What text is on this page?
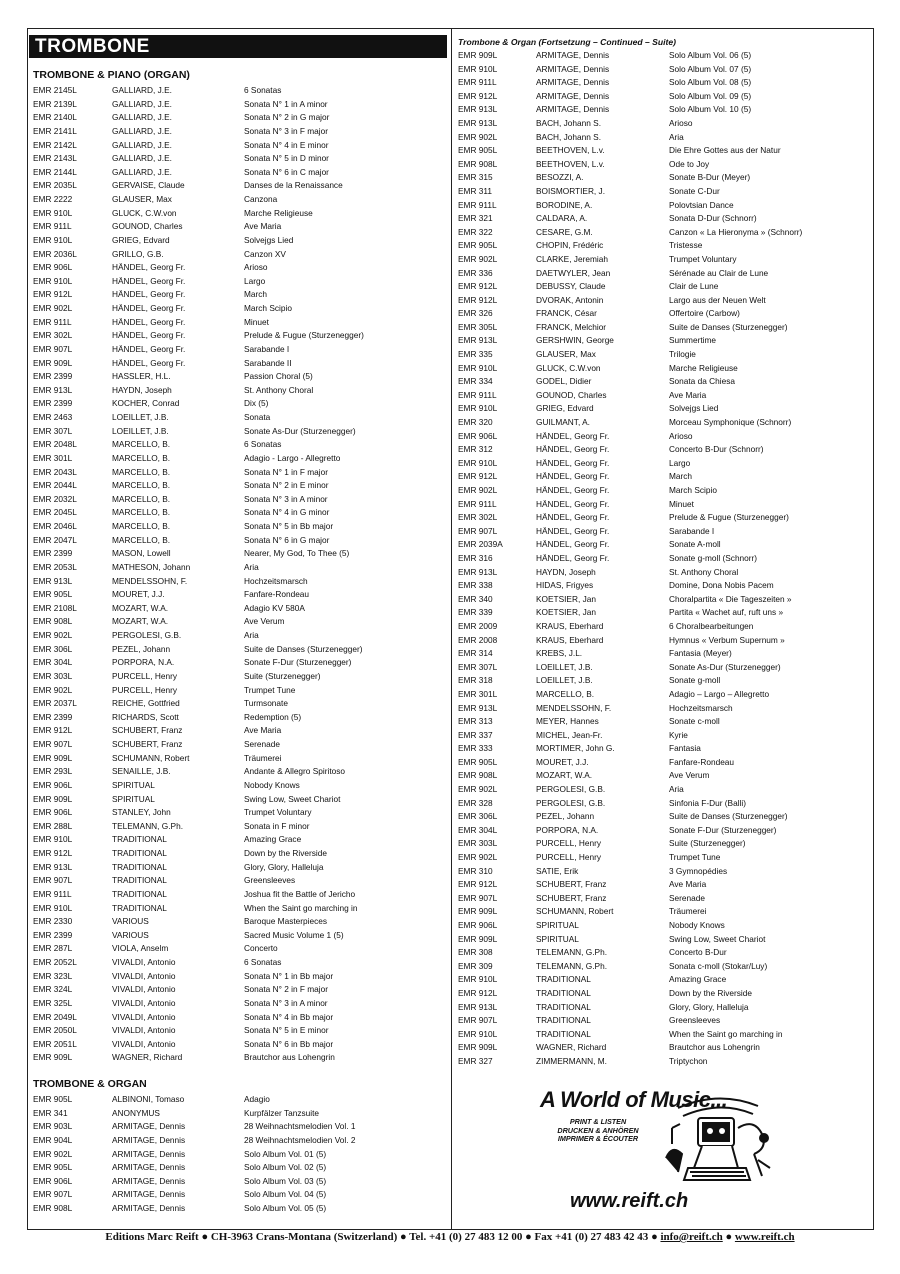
TROMBONE
TROMBONE & PIANO (ORGAN)
EMR 2145L	GALLIARD, J.E.	6 Sonatas
EMR 2139L	GALLIARD, J.E.	Sonata N° 1 in A minor
EMR 2140L	GALLIARD, J.E.	Sonata N° 2 in G major
EMR 2141L	GALLIARD, J.E.	Sonata N° 3 in F major
EMR 2142L	GALLIARD, J.E.	Sonata N° 4 in E minor
EMR 2143L	GALLIARD, J.E.	Sonata N° 5 in D minor
EMR 2144L	GALLIARD, J.E.	Sonata N° 6 in C major
EMR 2035L	GERVAISE, Claude	Danses de la Renaissance
EMR 2222	GLAUSER, Max	Canzona
EMR 910L	GLUCK, C.W.von	Marche Religieuse
EMR 911L	GOUNOD, Charles	Ave Maria
EMR 910L	GRIEG, Edvard	Solvejgs Lied
EMR 2036L	GRILLO, G.B.	Canzon XV
EMR 906L	HÄNDEL, Georg Fr.	Arioso
EMR 910L	HÄNDEL, Georg Fr.	Largo
EMR 912L	HÄNDEL, Georg Fr.	March
EMR 902L	HÄNDEL, Georg Fr.	March Scipio
EMR 911L	HÄNDEL, Georg Fr.	Minuet
EMR 302L	HÄNDEL, Georg Fr.	Prelude & Fugue (Sturzenegger)
EMR 907L	HÄNDEL, Georg Fr.	Sarabande I
EMR 909L	HÄNDEL, Georg Fr.	Sarabande II
EMR 2399	HASSLER, H.L.	Passion Choral (5)
EMR 913L	HAYDN, Joseph	St. Anthony Choral
EMR 2399	KOCHER, Conrad	Dix (5)
EMR 2463	LOEILLET, J.B.	Sonata
EMR 307L	LOEILLET, J.B.	Sonate As-Dur (Sturzenegger)
EMR 2048L	MARCELLO, B.	6 Sonatas
EMR 301L	MARCELLO, B.	Adagio - Largo - Allegretto
EMR 2043L	MARCELLO, B.	Sonata N° 1 in F major
EMR 2044L	MARCELLO, B.	Sonata N° 2 in E minor
EMR 2032L	MARCELLO, B.	Sonata N° 3 in A minor
EMR 2045L	MARCELLO, B.	Sonata N° 4 in G minor
EMR 2046L	MARCELLO, B.	Sonata N° 5 in Bb major
EMR 2047L	MARCELLO, B.	Sonata N° 6 in G major
EMR 2399	MASON, Lowell	Nearer, My God, To Thee (5)
EMR 2053L	MATHESON, Johann	Aria
EMR 913L	MENDELSSOHN, F.	Hochzeitsmarsch
EMR 905L	MOURET, J.J.	Fanfare-Rondeau
EMR 2108L	MOZART, W.A.	Adagio KV 580A
EMR 908L	MOZART, W.A.	Ave Verum
EMR 902L	PERGOLESI, G.B.	Aria
EMR 306L	PEZEL, Johann	Suite de Danses (Sturzenegger)
EMR 304L	PORPORA, N.A.	Sonate F-Dur (Sturzenegger)
EMR 303L	PURCELL, Henry	Suite (Sturzenegger)
EMR 902L	PURCELL, Henry	Trumpet Tune
EMR 2037L	REICHE, Gottfried	Turmsonate
EMR 2399	RICHARDS, Scott	Redemption (5)
EMR 912L	SCHUBERT, Franz	Ave Maria
EMR 907L	SCHUBERT, Franz	Serenade
EMR 909L	SCHUMANN, Robert	Träumerei
EMR 293L	SENAILLE, J.B.	Andante & Allegro Spiritoso
EMR 906L	SPIRITUAL	Nobody Knows
EMR 909L	SPIRITUAL	Swing Low, Sweet Chariot
EMR 906L	STANLEY, John	Trumpet Voluntary
EMR 288L	TELEMANN, G.Ph.	Sonata in F minor
EMR 910L	TRADITIONAL	Amazing Grace
EMR 912L	TRADITIONAL	Down by the Riverside
EMR 913L	TRADITIONAL	Glory, Glory, Halleluja
EMR 907L	TRADITIONAL	Greensleeves
EMR 911L	TRADITIONAL	Joshua fit the Battle of Jericho
EMR 910L	TRADITIONAL	When the Saint go marching in
EMR 2330	VARIOUS	Baroque Masterpieces
EMR 2399	VARIOUS	Sacred Music Volume 1 (5)
EMR 287L	VIOLA, Anselm	Concerto
EMR 2052L	VIVALDI, Antonio	6 Sonatas
EMR 323L	VIVALDI, Antonio	Sonata N° 1 in Bb major
EMR 324L	VIVALDI, Antonio	Sonata N° 2 in F major
EMR 325L	VIVALDI, Antonio	Sonata N° 3 in A minor
EMR 2049L	VIVALDI, Antonio	Sonata N° 4 in Bb major
EMR 2050L	VIVALDI, Antonio	Sonata N° 5 in E minor
EMR 2051L	VIVALDI, Antonio	Sonata N° 6 in Bb major
EMR 909L	WAGNER, Richard	Brautchor aus Lohengrin
TROMBONE & ORGAN
EMR 905L	ALBINONI, Tomaso	Adagio
EMR 341	ANONYMUS	Kurpfälzer Tanzsuite
EMR 903L	ARMITAGE, Dennis	28 Weihnachtsmelodien Vol. 1
EMR 904L	ARMITAGE, Dennis	28 Weihnachtsmelodien Vol. 2
EMR 902L	ARMITAGE, Dennis	Solo Album Vol. 01 (5)
EMR 905L	ARMITAGE, Dennis	Solo Album Vol. 02 (5)
EMR 906L	ARMITAGE, Dennis	Solo Album Vol. 03 (5)
EMR 907L	ARMITAGE, Dennis	Solo Album Vol. 04 (5)
EMR 908L	ARMITAGE, Dennis	Solo Album Vol. 05 (5)
Trombone & Organ (Fortsetzung – Continued – Suite)
EMR 909L	ARMITAGE, Dennis	Solo Album Vol. 06 (5)
EMR 910L	ARMITAGE, Dennis	Solo Album Vol. 07 (5)
EMR 911L	ARMITAGE, Dennis	Solo Album Vol. 08 (5)
EMR 912L	ARMITAGE, Dennis	Solo Album Vol. 09 (5)
EMR 913L	ARMITAGE, Dennis	Solo Album Vol. 10 (5)
EMR 913L	BACH, Johann S.	Arioso
EMR 902L	BACH, Johann S.	Aria
EMR 905L	BEETHOVEN, L.v.	Die Ehre Gottes aus der Natur
EMR 908L	BEETHOVEN, L.v.	Ode to Joy
EMR 315	BESOZZI, A.	Sonate B-Dur (Meyer)
EMR 311	BOISMORTIER, J.	Sonate C-Dur
EMR 911L	BORODINE, A.	Polovtsian Dance
EMR 321	CALDARA, A.	Sonata D-Dur (Schnorr)
EMR 322	CESARE, G.M.	Canzon « La Hieronyma » (Schnorr)
EMR 905L	CHOPIN, Frédéric	Tristesse
EMR 902L	CLARKE, Jeremiah	Trumpet Voluntary
EMR 336	DAETWYLER, Jean	Sérénade au Clair de Lune
EMR 912L	DEBUSSY, Claude	Clair de Lune
EMR 912L	DVORAK, Antonin	Largo aus der Neuen Welt
EMR 326	FRANCK, César	Offertoire (Carbow)
EMR 305L	FRANCK, Melchior	Suite de Danses (Sturzenegger)
EMR 913L	GERSHWIN, George	Summertime
EMR 335	GLAUSER, Max	Trilogie
EMR 910L	GLUCK, C.W.von	Marche Religieuse
EMR 334	GODEL, Didier	Sonata da Chiesa
EMR 911L	GOUNOD, Charles	Ave Maria
EMR 910L	GRIEG, Edvard	Solvejgs Lied
EMR 320	GUILMANT, A.	Morceau Symphonique (Schnorr)
EMR 906L	HÄNDEL, Georg Fr.	Arioso
EMR 312	HÄNDEL, Georg Fr.	Concerto B-Dur (Schnorr)
EMR 910L	HÄNDEL, Georg Fr.	Largo
EMR 912L	HÄNDEL, Georg Fr.	March
EMR 902L	HÄNDEL, Georg Fr.	March Scipio
EMR 911L	HÄNDEL, Georg Fr.	Minuet
EMR 302L	HÄNDEL, Georg Fr.	Prelude & Fugue (Sturzenegger)
EMR 907L	HÄNDEL, Georg Fr.	Sarabande I
EMR 2039A	HÄNDEL, Georg Fr.	Sonate A-moll
EMR 316	HÄNDEL, Georg Fr.	Sonate g-moll (Schnorr)
EMR 913L	HAYDN, Joseph	St. Anthony Choral
EMR 338	HIDAS, Frigyes	Domine, Dona Nobis Pacem
EMR 340	KOETSIER, Jan	Choralpartita « Die Tageszeiten »
EMR 339	KOETSIER, Jan	Partita « Wachet auf, ruft uns »
EMR 2009	KRAUS, Eberhard	6 Choralbearbeitungen
EMR 2008	KRAUS, Eberhard	Hymnus « Verbum Supernum »
EMR 314	KREBS, J.L.	Fantasia (Meyer)
EMR 307L	LOEILLET, J.B.	Sonate As-Dur (Sturzenegger)
EMR 318	LOEILLET, J.B.	Sonate g-moll
EMR 301L	MARCELLO, B.	Adagio – Largo – Allegretto
EMR 913L	MENDELSSOHN, F.	Hochzeitsmarsch
EMR 313	MEYER, Hannes	Sonate c-moll
EMR 337	MICHEL, Jean-Fr.	Kyrie
EMR 333	MORTIMER, John G.	Fantasia
EMR 905L	MOURET, J.J.	Fanfare-Rondeau
EMR 908L	MOZART, W.A.	Ave Verum
EMR 902L	PERGOLESI, G.B.	Aria
EMR 328	PERGOLESI, G.B.	Sinfonia F-Dur (Balli)
EMR 306L	PEZEL, Johann	Suite de Danses (Sturzenegger)
EMR 304L	PORPORA, N.A.	Sonate F-Dur (Sturzenegger)
EMR 303L	PURCELL, Henry	Suite (Sturzenegger)
EMR 902L	PURCELL, Henry	Trumpet Tune
EMR 310	SATIE, Erik	3 Gymnopédies
EMR 912L	SCHUBERT, Franz	Ave Maria
EMR 907L	SCHUBERT, Franz	Serenade
EMR 909L	SCHUMANN, Robert	Träumerei
EMR 906L	SPIRITUAL	Nobody Knows
EMR 909L	SPIRITUAL	Swing Low, Sweet Chariot
EMR 308	TELEMANN, G.Ph.	Concerto B-Dur
EMR 309	TELEMANN, G.Ph.	Sonata c-moll (Stokar/Luy)
EMR 910L	TRADITIONAL	Amazing Grace
EMR 912L	TRADITIONAL	Down by the Riverside
EMR 913L	TRADITIONAL	Glory, Glory, Halleluja
EMR 907L	TRADITIONAL	Greensleeves
EMR 910L	TRADITIONAL	When the Saint go marching in
EMR 909L	WAGNER, Richard	Brautchor aus Lohengrin
EMR 327	ZIMMERMANN, M.	Triptychon
A World of Music...
PRINT & LISTEN
DRUCKEN & ANHÖREN
IMPRIMER & ÉCOUTER
www.reift.ch
Editions Marc Reift ● CH-3963 Crans-Montana (Switzerland) ● Tel. +41 (0) 27 483 12 00 ● Fax +41 (0) 27 483 42 43 ● info@reift.ch ● www.reift.ch
